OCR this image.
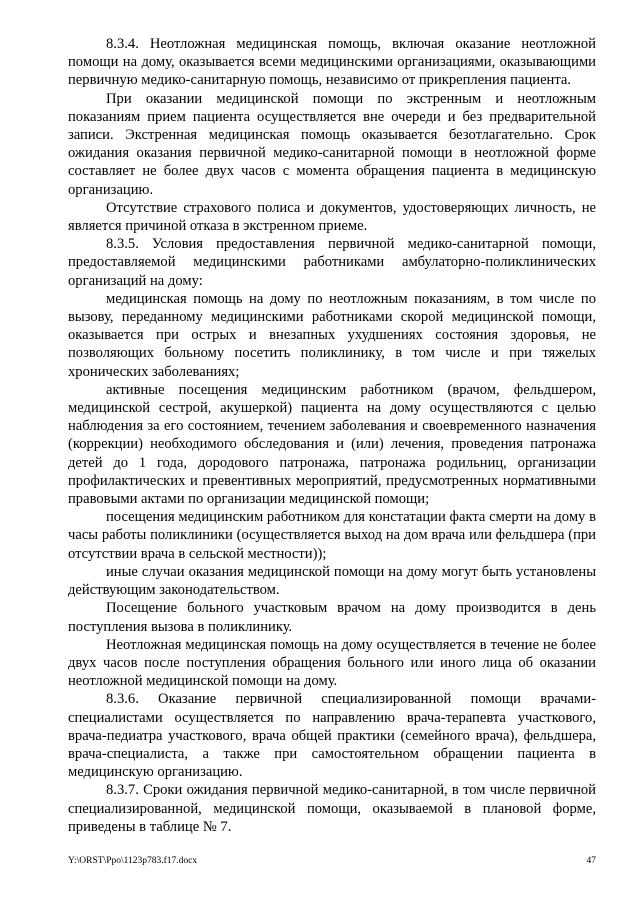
8.3.4. Неотложная медицинская помощь, включая оказание неотложной помощи на дому, оказывается всеми медицинскими организациями, оказывающими первичную медико-санитарную помощь, независимо от прикрепления пациента.

При оказании медицинской помощи по экстренным и неотложным показаниям прием пациента осуществляется вне очереди и без предварительной записи. Экстренная медицинская помощь оказывается безотлагательно. Срок ожидания оказания первичной медико-санитарной помощи в неотложной форме составляет не более двух часов с момента обращения пациента в медицинскую организацию.

Отсутствие страхового полиса и документов, удостоверяющих личность, не является причиной отказа в экстренном приеме.

8.3.5. Условия предоставления первичной медико-санитарной помощи, предоставляемой медицинскими работниками амбулаторно-поликлинических организаций на дому:

медицинская помощь на дому по неотложным показаниям, в том числе по вызову, переданному медицинскими работниками скорой медицинской помощи, оказывается при острых и внезапных ухудшениях состояния здоровья, не позволяющих больному посетить поликлинику, в том числе и при тяжелых хронических заболеваниях;

активные посещения медицинским работником (врачом, фельдшером, медицинской сестрой, акушеркой) пациента на дому осуществляются с целью наблюдения за его состоянием, течением заболевания и своевременного назначения (коррекции) необходимого обследования и (или) лечения, проведения патронажа детей до 1 года, дородового патронажа, патронажа родильниц, организации профилактических и превентивных мероприятий, предусмотренных нормативными правовыми актами по организации медицинской помощи;

посещения медицинским работником для констатации факта смерти на дому в часы работы поликлиники (осуществляется выход на дом врача или фельдшера (при отсутствии врача в сельской местности));

иные случаи оказания медицинской помощи на дому могут быть установлены действующим законодательством.

Посещение больного участковым врачом на дому производится в день поступления вызова в поликлинику.

Неотложная медицинская помощь на дому осуществляется в течение не более двух часов после поступления обращения больного или иного лица об оказании неотложной медицинской помощи на дому.

8.3.6. Оказание первичной специализированной помощи врачами-специалистами осуществляется по направлению врача-терапевта участкового, врача-педиатра участкового, врача общей практики (семейного врача), фельдшера, врача-специалиста, а также при самостоятельном обращении пациента в медицинскую организацию.

8.3.7. Сроки ожидания первичной медико-санитарной, в том числе первичной специализированной, медицинской помощи, оказываемой в плановой форме, приведены в таблице № 7.

Y:\ORST\Ppo\1123p783.f17.docx	47
